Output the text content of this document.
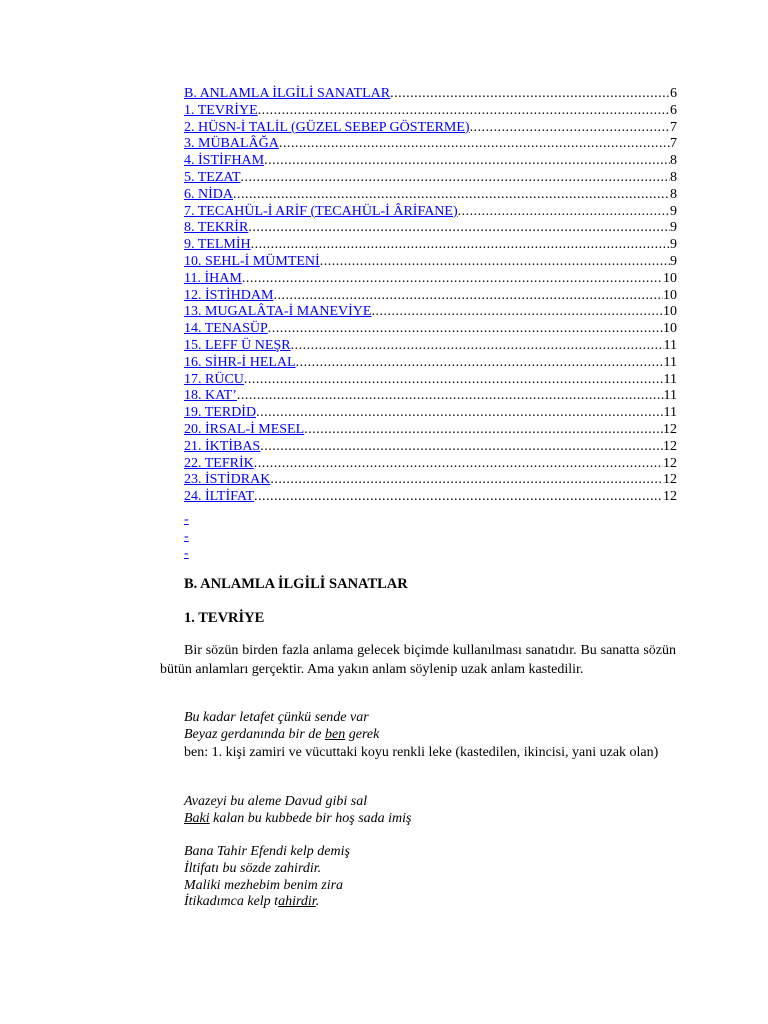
B. ANLAMLA İLGİLİ SANATLAR .....	6
1. TEVRİYE .....	6
2. HÜSN-İ TALİL (GÜZEL SEBEP GÖSTERME) .....	7
3. MÜBALÂĞA .....	7
4. İSTİFHAM .....	8
5. TEZAT .....	8
6. NİDA .....	8
7. TECAHÜL-İ ARİF (TECAHÜL-İ ÂRİFANE) .....	9
8. TEKRİR .....	9
9. TELMİH .....	9
10. SEHL-İ MÜMTENİ .....	9
11. İHAM .....	10
12. İSTİHDAM .....	10
13. MUGALÂTA-İ MANEVİYE .....	10
14. TENASÜP .....	10
15. LEFF Ü NEŞR .....	11
16. SİHR-İ HELAL .....	11
17. RÜCU .....	11
18. KAT’ .....	11
19. TERDİD .....	11
20. İRSAL-İ MESEL .....	12
21. İKTİBAS .....	12
22. TEFRİK .....	12
23. İSTİDRAK .....	12
24. İLTİFAT .....	12
-
-
-
B. ANLAMLA İLGİLİ SANATLAR
1. TEVRİYE
Bir sözün birden fazla anlama gelecek biçimde kullanılması sanatıdır. Bu sanatta sözün bütün anlamları gerçektir. Ama yakın anlam söylenip uzak anlam kastedilir.
Bu kadar letafet çünkü sende var
Beyaz gerdanında bir de ben gerek
ben: 1. kişi zamiri ve vücuttaki koyu renkli leke (kastedilen, ikincisi, yani uzak olan)
Avazeyi bu aleme Davud gibi sal
Baki kalan bu kubbede bir hoş sada imiş
Bana Tahir Efendi kelp demiş
İltifatı bu sözde zahirdir.
Maliki mezhebim benim zira
İtikadımca kelp tahirdir.
